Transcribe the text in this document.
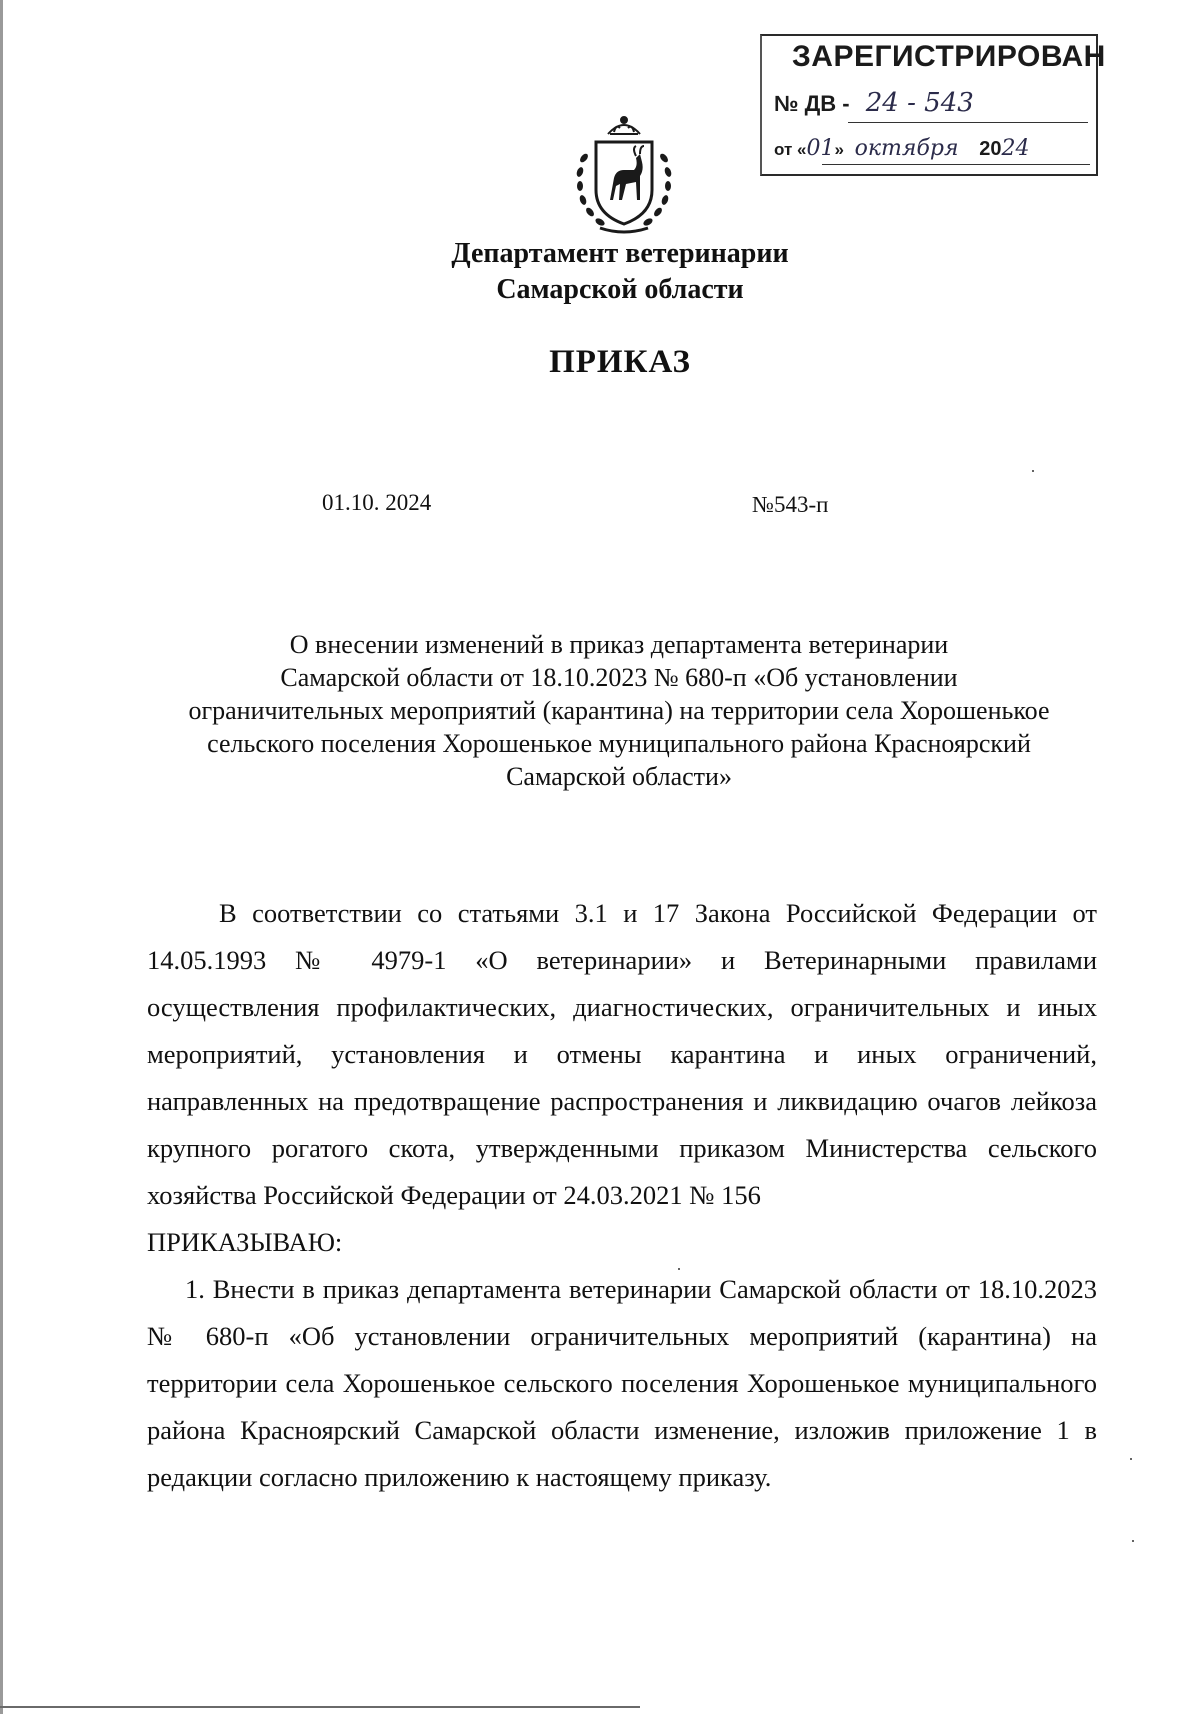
ЗАРЕГИСТРИРОВАН
№ ДВ - 24 - 543
от «01» октября 2024
Департамент ветеринарии
Самарской области
ПРИКАЗ
01.10. 2024	№543-п
О внесении изменений в приказ департамента ветеринарии
Самарской области от 18.10.2023 № 680-п «Об установлении
ограничительных мероприятий (карантина) на территории села Хорошенькое
сельского поселения Хорошенькое муниципального района Красноярский
Самарской области»

В соответствии со статьями 3.1 и 17 Закона Российской Федерации от 14.05.1993 № 4979-1 «О ветеринарии» и Ветеринарными правилами осуществления профилактических, диагностических, ограничительных и иных мероприятий, установления и отмены карантина и иных ограничений, направленных на предотвращение распространения и ликвидацию очагов лейкоза крупного рогатого скота, утвержденными приказом Министерства сельского хозяйства Российской Федерации от 24.03.2021 № 156

ПРИКАЗЫВАЮ:

1. Внести в приказ департамента ветеринарии Самарской области от 18.10.2023 № 680-п «Об установлении ограничительных мероприятий (карантина) на территории села Хорошенькое сельского поселения Хорошенькое муниципального района Красноярский Самарской области изменение, изложив приложение 1 в редакции согласно приложению к настоящему приказу.
